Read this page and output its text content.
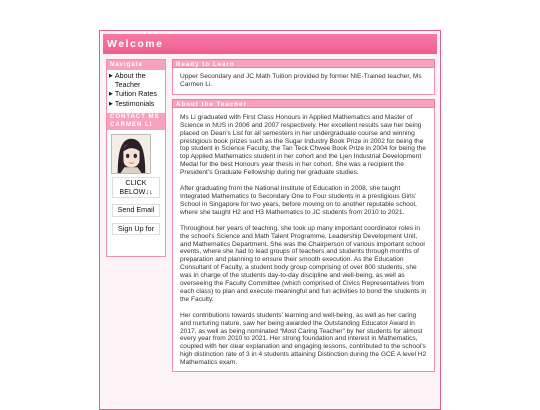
Welcome
Navigate
▶ About the Teacher
▶ Tuition Rates
▶ Testimonials
CONTACT MS CARMEN LI
CLICK BELOW↓↓
Send Email
Sign Up for
Ready to Learn

Upper Secondary and JC Math Tuition provided by former NIE-Trained teacher, Ms Carmen Li.

About the Teacher

Ms Li graduated with First Class Honours in Applied Mathematics and Master of Science in NUS in 2006 and 2007 respectively. Her excellent results saw her being placed on Dean’s List for all semesters in her undergraduate course and winning prestigious book prizes such as the Sugar Industry Book Prize in 2002 for being the top student in Science Faculty, the Tan Teck Chwee Book Prize in 2004 for being the top Applied Mathematics student in her cohort and the Ljen Industrial Development Medal for the best Honours year thesis in her cohort. She was a recipient the President’s Graduate Fellowship during her graduate studies.

After graduating from the National Institute of Education in 2008, she taught Integrated Mathematics to Secondary One to Four students in a prestigious Girls’ School in Singapore for two years, before moving on to another reputable school, where she taught H2 and H3 Mathematics to JC students from 2010 to 2021.

Throughout her years of teaching, she took up many important coordinator roles in the school’s Science and Math Talent Programme, Leadership Development Unit, and Mathematics Department. She was the Chairperson of various important school events, where she had to lead groups of teachers and students through months of preparation and planning to ensure their smooth execution. As the Education Consultant of Faculty, a student body group comprising of over 800 students, she was in charge of the students day-to-day discipline and well-being, as well as overseeing the Faculty Committee (which comprised of Civics Representatives from each class) to plan and execute meaningful and fun activities to bond the students in the Faculty.

Her contributions towards students’ learning and well-being, as well as her caring and nurturing nature, saw her being awarded the Outstanding Educator Award in 2017, as well as being nominated “Most Caring Teacher” by her students for almost every year from 2010 to 2021. Her strong foundation and interest in Mathematics, coupled with her clear explanation and engaging lessons, contributed to the school’s high distinction rate of 3 in 4 students attaining Distinction during the GCE A level H2 Mathematics exam.
